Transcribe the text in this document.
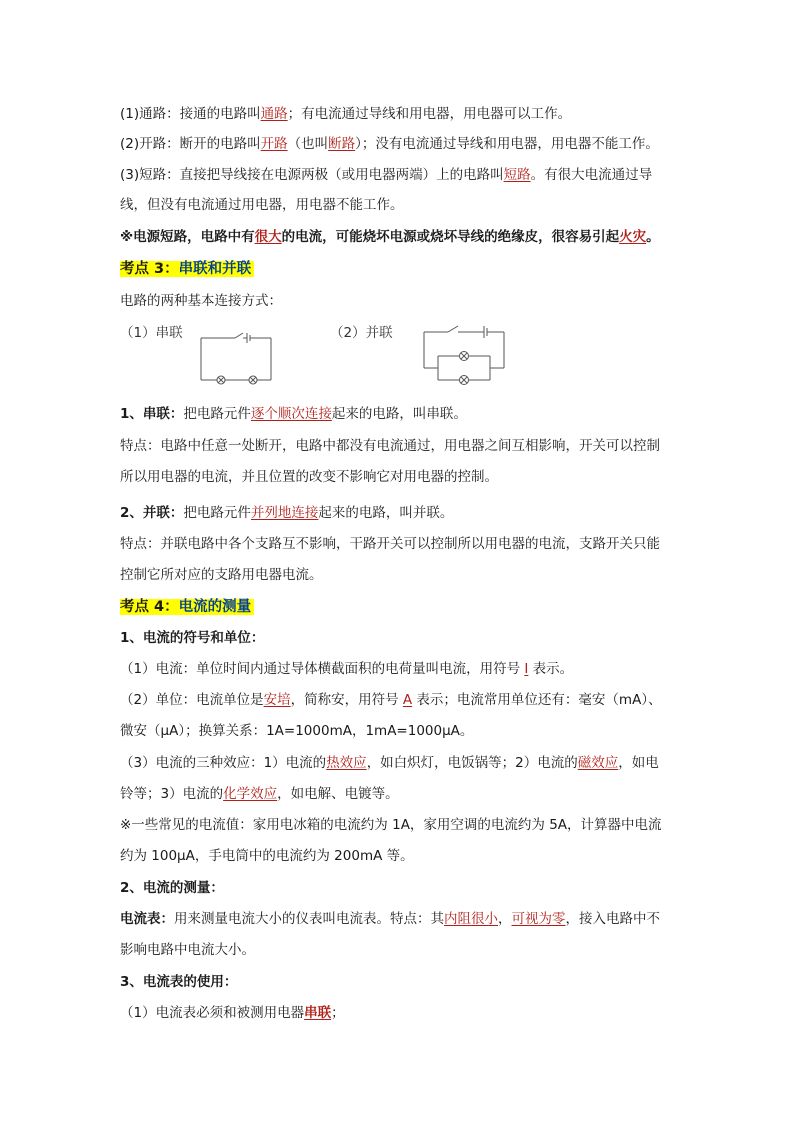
(1)通路：接通的电路叫通路；有电流通过导线和用电器，用电器可以工作。
(2)开路：断开的电路叫开路（也叫断路）；没有电流通过导线和用电器，用电器不能工作。
(3)短路：直接把导线接在电源两极（或用电器两端）上的电路叫短路。有很大电流通过导
线，但没有电流通过用电器，用电器不能工作。
※电源短路，电路中有很大的电流，可能烧坏电源或烧坏导线的绝缘皮，很容易引起火灾。
考点 3：串联和并联
电路的两种基本连接方式：
（1）串联	（2）并联
1、串联：把电路元件逐个顺次连接起来的电路，叫串联。
特点：电路中任意一处断开，电路中都没有电流通过，用电器之间互相影响，开关可以控制
所以用电器的电流，并且位置的改变不影响它对用电器的控制。
2、并联：把电路元件并列地连接起来的电路，叫并联。
特点：并联电路中各个支路互不影响，干路开关可以控制所以用电器的电流，支路开关只能
控制它所对应的支路用电器电流。
考点 4：电流的测量
1、电流的符号和单位：
（1）电流：单位时间内通过导体横截面积的电荷量叫电流，用符号 I 表示。
（2）单位：电流单位是安培，简称安，用符号 A 表示；电流常用单位还有：毫安（mA）、
微安（μA）；换算关系：1A=1000mA，1mA=1000μA。
（3）电流的三种效应：1）电流的热效应，如白炽灯，电饭锅等；2）电流的磁效应，如电
铃等；3）电流的化学效应，如电解、电镀等。
※一些常见的电流值：家用电冰箱的电流约为 1A，家用空调的电流约为 5A，计算器中电流
约为 100μA，手电筒中的电流约为 200mA 等。
2、电流的测量：
电流表：用来测量电流大小的仪表叫电流表。特点：其内阻很小，可视为零，接入电路中不
影响电路中电流大小。
3、电流表的使用：
（1）电流表必须和被测用电器串联；
